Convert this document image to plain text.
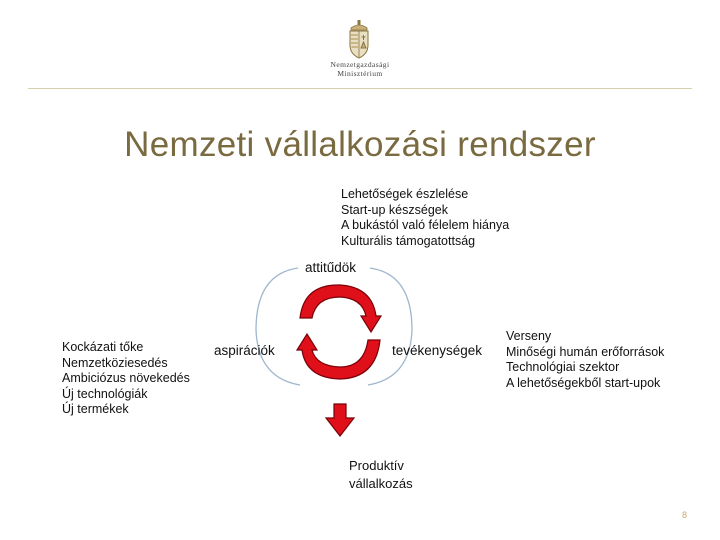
Nemzetgazdasági
Minisztérium
Nemzeti vállalkozási rendszer
Lehetőségek észlelése
Start-up készségek
A bukástól való félelem hiánya
Kulturális támogatottság
Kockázati tőke
Nemzetköziesedés
Ambiciózus növekedés
Új technológiák
Új termékek
Verseny
Minőségi humán erőforrások
Technológiai szektor
A lehetőségekből start-upok
attitűdök
aspirációk	tevékenységek
Produktív
vállalkozás
8
